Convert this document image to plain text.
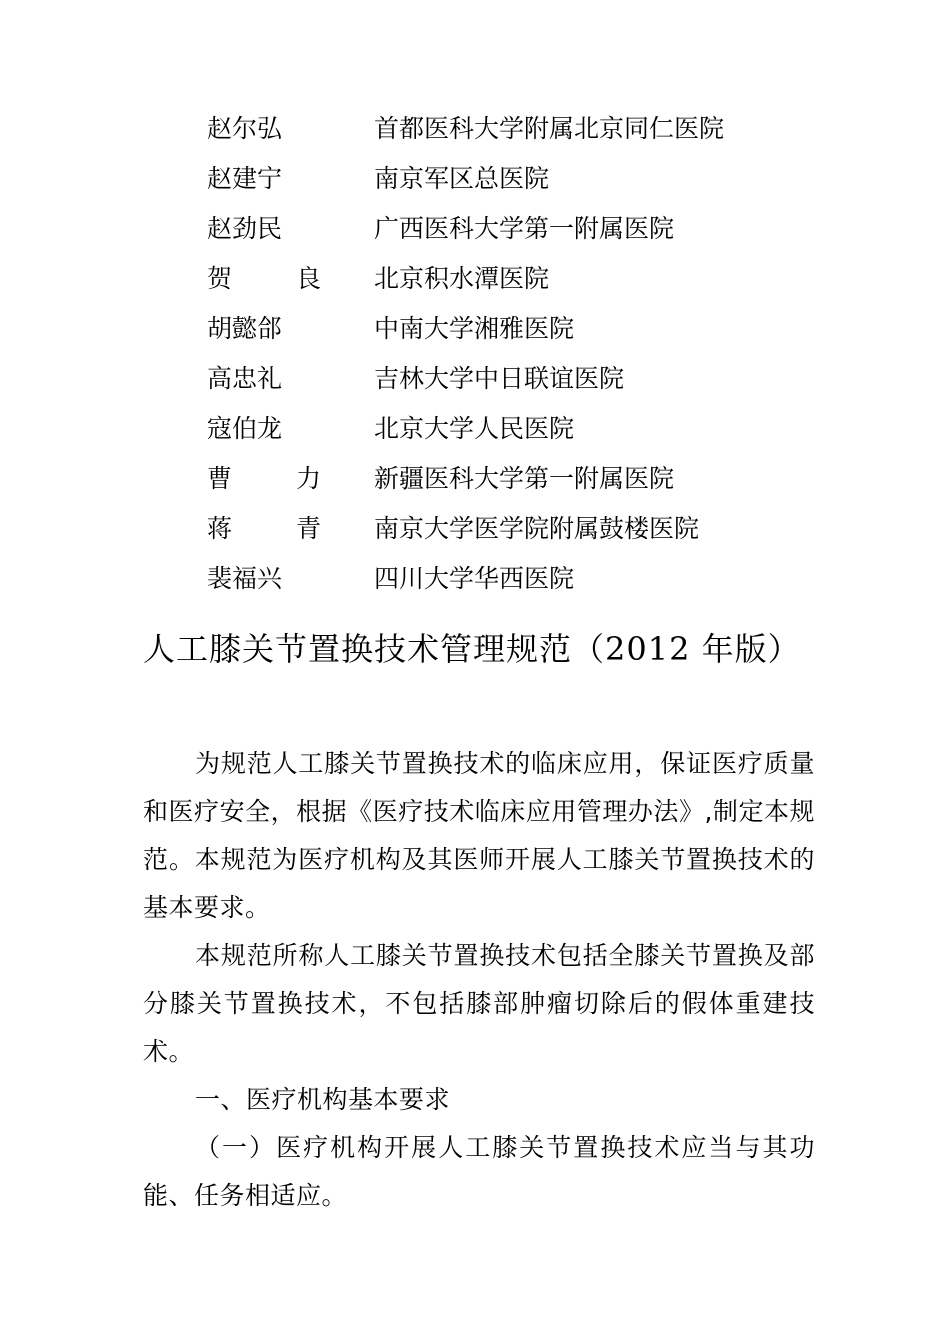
赵尔弘	首都医科大学附属北京同仁医院
赵建宁	南京军区总医院
赵劲民	广西医科大学第一附属医院
贺 良 北京积水潭医院
胡懿郃	中南大学湘雅医院
高忠礼	吉林大学中日联谊医院
寇伯龙	北京大学人民医院
曹 力 新疆医科大学第一附属医院
蒋 青 南京大学医学院附属鼓楼医院
裴福兴	四川大学华西医院
人工膝关节置换技术管理规范（2012 年版）

为规范人工膝关节置换技术的临床应用，保证医疗质量和医疗安全，根据《医疗技术临床应用管理办法》,制定本规范。本规范为医疗机构及其医师开展人工膝关节置换技术的基本要求。

本规范所称人工膝关节置换技术包括全膝关节置换及部分膝关节置换技术，不包括膝部肿瘤切除后的假体重建技术。

一、医疗机构基本要求

（一）医疗机构开展人工膝关节置换技术应当与其功能、任务相适应。
